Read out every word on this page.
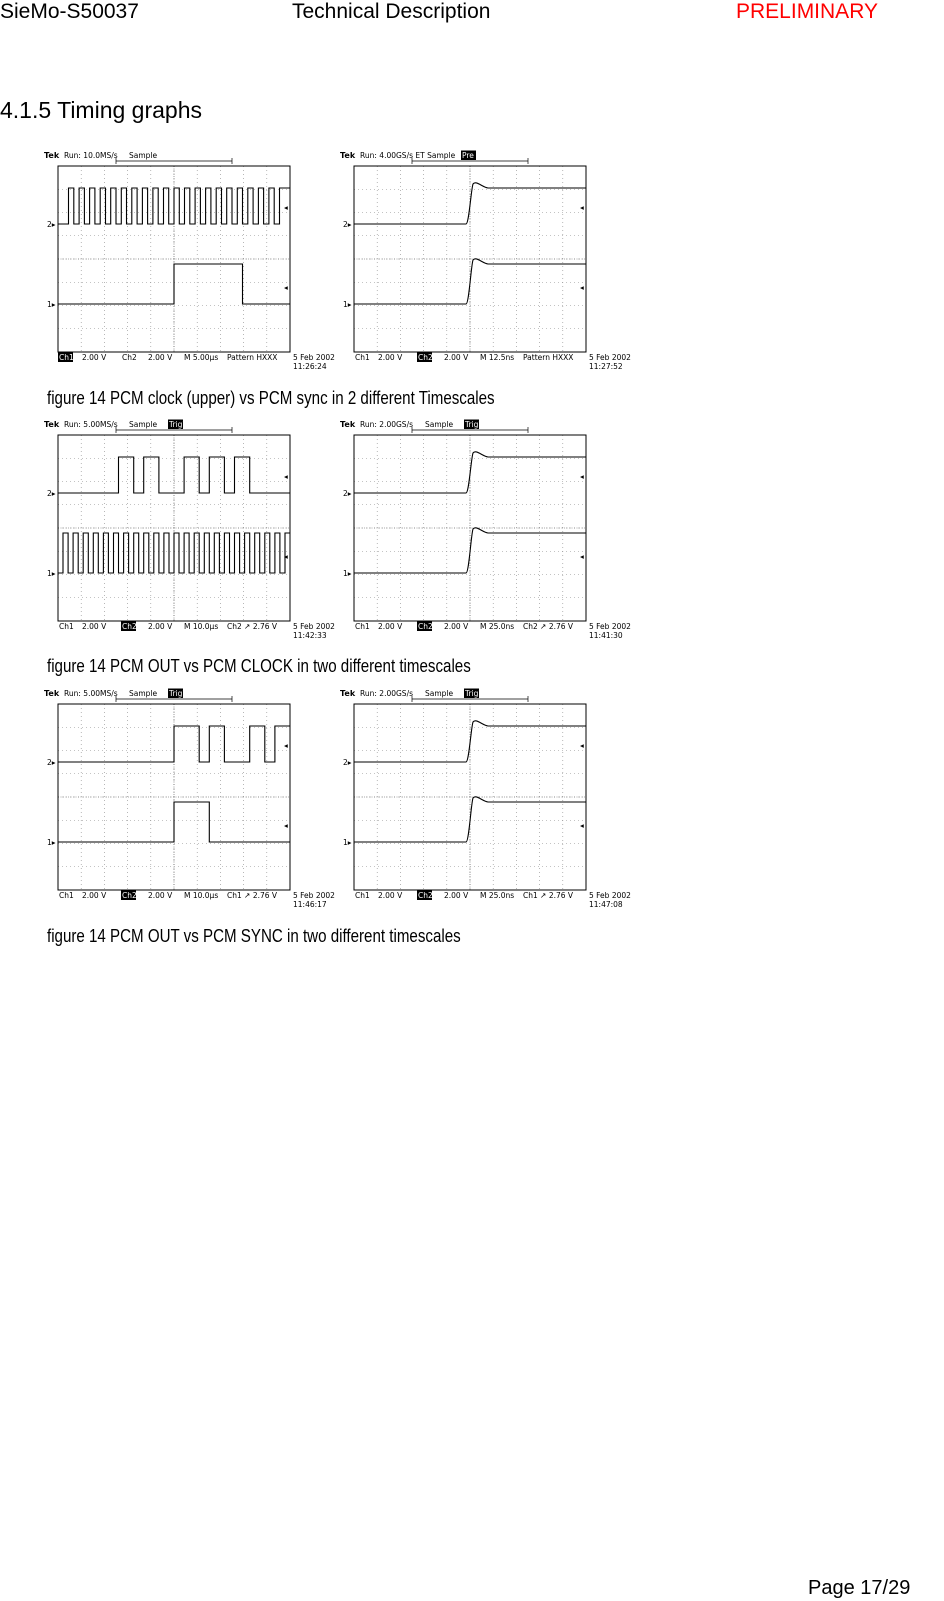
SieMo-S50037	Technical Description	PRELIMINARY
4.1.5 Timing graphs
Tek Run: 10.0MS/s Sample
2▸
1▸
◂
◂
Ch1 2.00 V Ch2 2.00 V M 5.00µs Pattern HXXX 5 Feb 2002
11:26:24
Tek Run: 4.00GS/s ET Sample Pre Trig
2▸
1▸
◂
◂
Ch1 2.00 V Ch2 2.00 V M 12.5ns Pattern HXXX 5 Feb 2002
11:27:52
figure 14 PCM clock (upper) vs PCM sync in 2 different Timescales
Tek Run: 5.00MS/s Sample Trig?
2▸
1▸
◂
◂
Ch1 2.00 V Ch2 2.00 V M 10.0µs Ch2 ↗ 2.76 V 5 Feb 2002
11:42:33
Tek Run: 2.00GS/s Sample Trig?
2▸
1▸
◂
◂
Ch1 2.00 V Ch2 2.00 V M 25.0ns Ch2 ↗ 2.76 V 5 Feb 2002
11:41:30
figure 14 PCM OUT vs PCM CLOCK in two different timescales
Tek Run: 5.00MS/s Sample Trig?
2▸
1▸
◂
◂
Ch1 2.00 V Ch2 2.00 V M 10.0µs Ch1 ↗ 2.76 V 5 Feb 2002
11:46:17
Tek Run: 2.00GS/s Sample Trig?
2▸
1▸
◂
◂
Ch1 2.00 V Ch2 2.00 V M 25.0ns Ch1 ↗ 2.76 V 5 Feb 2002
11:47:08
figure 14 PCM OUT vs PCM SYNC in two different timescales
Page 17/29
